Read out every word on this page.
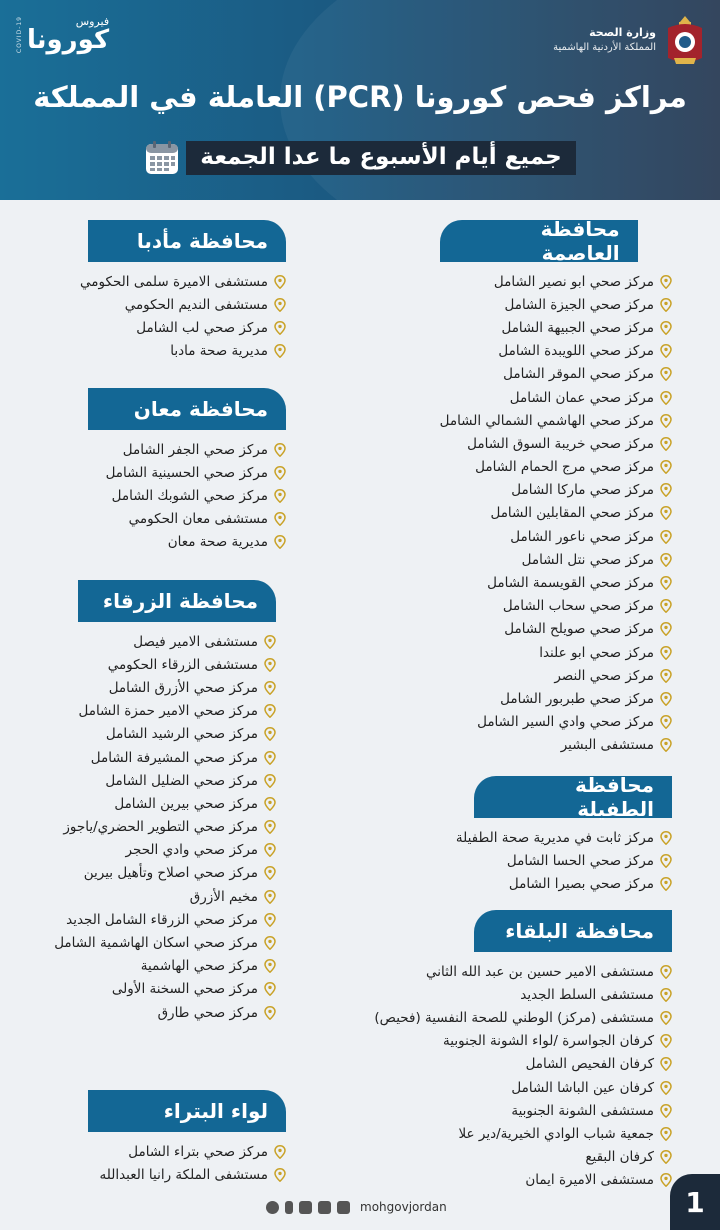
وزارة الصحة
المملكة الأردنية الهاشمية
COVID-19	فيروس
كورونا
مراكز فحص كورونا (PCR) العاملة في المملكة
جميع أيام الأسبوع ما عدا الجمعة
محافظة العاصمة
مركز صحي ابو نصير الشامل
مركز صحي الجيزة الشامل
مركز صحي الجبيهة الشامل
مركز صحي اللويبدة الشامل
مركز صحي الموقر الشامل
مركز صحي عمان الشامل
مركز صحي الهاشمي الشمالي الشامل
مركز صحي خريبة السوق الشامل
مركز صحي مرج الحمام الشامل
مركز صحي ماركا الشامل
مركز صحي المقابلين الشامل
مركز صحي ناعور الشامل
مركز صحي نتل الشامل
مركز صحي القويسمة الشامل
مركز صحي سحاب الشامل
مركز صحي صويلح الشامل
مركز صحي ابو علندا
مركز صحي النصر
مركز صحي طبربور الشامل
مركز صحي وادي السير الشامل
مستشفى البشير
محافظة الطفيلة
مركز ثابت في مديرية صحة الطفيلة
مركز صحي الحسا الشامل
مركز صحي بصيرا الشامل
محافظة البلقاء
مستشفى الامير حسين بن عبد الله الثاني
مستشفى السلط الجديد
مستشفى (مركز) الوطني للصحة النفسية (فحيص)
كرفان الجواسرة /لواء الشونة الجنوبية
كرفان الفحيص الشامل
كرفان عين الباشا الشامل
مستشفى الشونة الجنوبية
جمعية شباب الوادي الخيرية/دير علا
كرفان البقيع
مستشفى الاميرة ايمان
محافظة مأدبا
مستشفى الاميرة سلمى الحكومي
مستشفى النديم الحكومي
مركز صحي لب الشامل
مديرية صحة مادبا
محافظة معان
مركز صحي الجفر الشامل
مركز صحي الحسينية الشامل
مركز صحي الشوبك الشامل
مستشفى معان الحكومي
مديرية صحة معان
محافظة الزرقاء
مستشفى الامير فيصل
مستشفى الزرقاء الحكومي
مركز صحي الأزرق الشامل
مركز صحي الامير حمزة الشامل
مركز صحي الرشيد الشامل
مركز صحي المشيرفة الشامل
مركز صحي الضليل الشامل
مركز صحي بيرين الشامل
مركز صحي التطوير الحضري/ياجوز
مركز صحي وادي الحجر
مركز صحي اصلاح وتأهيل بيرين
مخيم الأزرق
مركز صحي الزرقاء الشامل الجديد
مركز صحي اسكان الهاشمية الشامل
مركز صحي الهاشمية
مركز صحي السخنة الأولى
مركز صحي طارق
لواء البتراء
مركز صحي بتراء الشامل
مستشفى الملكة رانيا العبدالله
mohgovjordan	1
